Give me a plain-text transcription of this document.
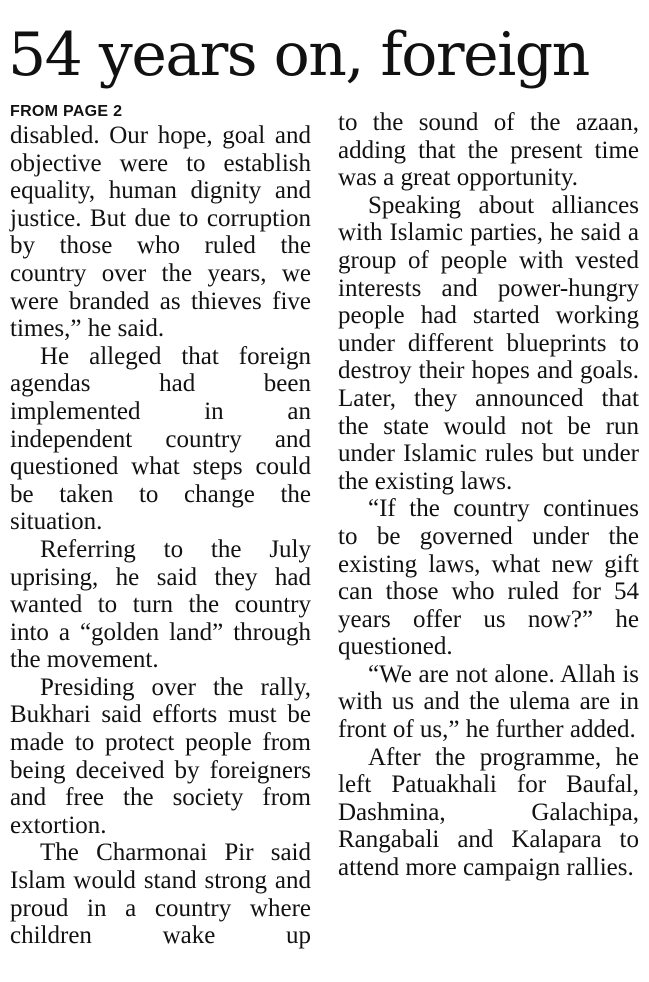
54 years on, foreign
FROM PAGE 2

disabled. Our hope, goal and objective were to establish equality, human dignity and justice. But due to corruption by those who ruled the country over the years, we were branded as thieves five times,” he said.

He alleged that foreign agendas had been implemented in an independent country and questioned what steps could be taken to change the situation.

Referring to the July uprising, he said they had wanted to turn the country into a “golden land” through the movement.

Presiding over the rally, Bukhari said efforts must be made to protect people from being deceived by foreigners and free the society from extortion.

The Charmonai Pir said Islam would stand strong and proud in a country where children wake up

to the sound of the azaan, adding that the present time was a great opportunity.

Speaking about alliances with Islamic parties, he said a group of people with vested interests and power-hungry people had started working under different blueprints to destroy their hopes and goals. Later, they announced that the state would not be run under Islamic rules but under the existing laws.

“If the country continues to be governed under the existing laws, what new gift can those who ruled for 54 years offer us now?” he questioned.

“We are not alone. Allah is with us and the ulema are in front of us,” he further added.

After the programme, he left Patuakhali for Baufal, Dashmina, Galachipa, Rangabali and Kalapara to attend more campaign rallies.
